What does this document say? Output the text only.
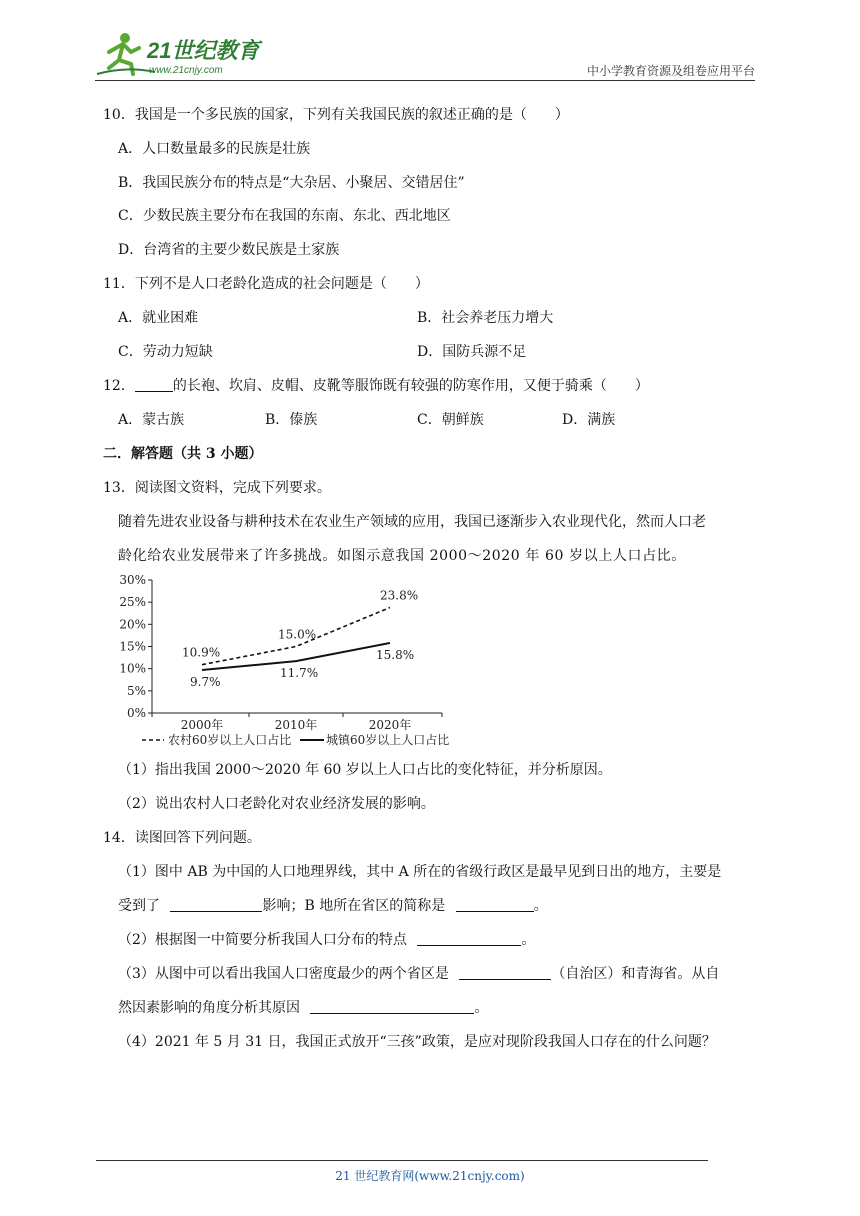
21世纪教育
www.21cnjy.com	中小学教育资源及组卷应用平台
10．我国是一个多民族的国家，下列有关我国民族的叙述正确的是（　　）
A．人口数量最多的民族是壮族
B．我国民族分布的特点是“大杂居、小聚居、交错居住”
C．少数民族主要分布在我国的东南、东北、西北地区
D．台湾省的主要少数民族是土家族
11．下列不是人口老龄化造成的社会问题是（　　）
A．就业困难	B．社会养老压力增大
C．劳动力短缺	D．国防兵源不足
12．	的长袍、坎肩、皮帽、皮靴等服饰既有较强的防寒作用，又便于骑乘（　　）
A．蒙古族	B．傣族	C．朝鲜族	D．满族
二．解答题（共 3 小题）
13．阅读图文资料，完成下列要求。
随着先进农业设备与耕种技术在农业生产领域的应用，我国已逐渐步入农业现代化，然而人口老
龄化给农业发展带来了许多挑战。如图示意我国 2000～2020 年 60 岁以上人口占比。
0%
5%
10%
15%
20%
25%
30%
2000年	2010年	2020年
10.9%
15.0%
23.8%
9.7%
11.7%
15.8%
农村60岁以上人口占比	城镇60岁以上人口占比
（1）指出我国 2000～2020 年 60 岁以上人口占比的变化特征，并分析原因。
（2）说出农村人口老龄化对农业经济发展的影响。
14．读图回答下列问题。
（1）图中 AB 为中国的人口地理界线，其中 A 所在的省级行政区是最早见到日出的地方，主要是
受到了	影响；B 地所在省区的简称是	。
（2）根据图一中简要分析我国人口分布的特点	。
（3）从图中可以看出我国人口密度最少的两个省区是	（自治区）和青海省。从自
然因素影响的角度分析其原因	。
（4）2021 年 5 月 31 日，我国正式放开“三孩”政策，是应对现阶段我国人口存在的什么问题？
21 世纪教育网(www.21cnjy.com)
